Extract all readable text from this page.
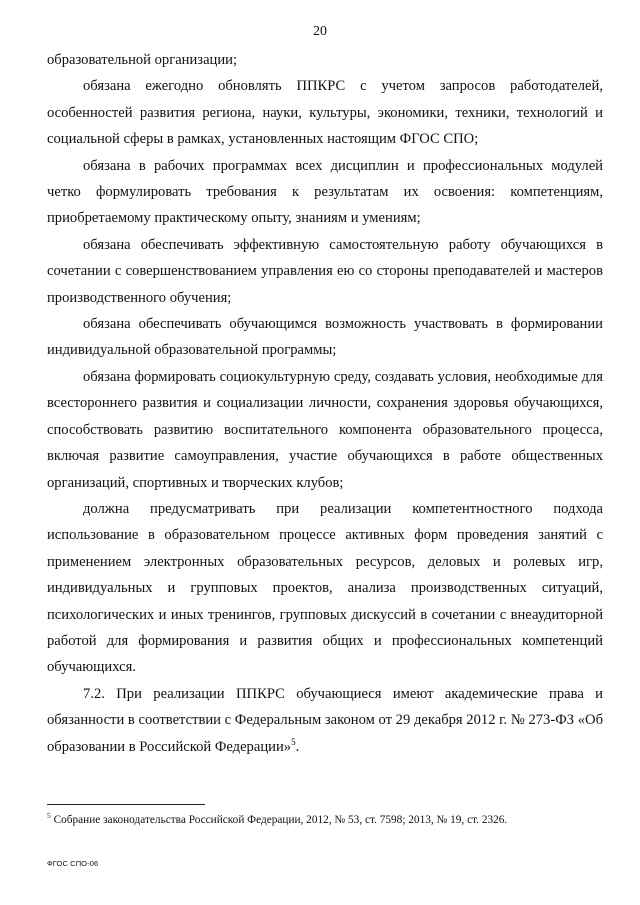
20

образовательной организации;

обязана ежегодно обновлять ППКРС с учетом запросов работодателей, особенностей развития региона, науки, культуры, экономики, техники, технологий и социальной сферы в рамках, установленных настоящим ФГОС СПО;

обязана в рабочих программах всех дисциплин и профессиональных модулей четко формулировать требования к результатам их освоения: компетенциям, приобретаемому практическому опыту, знаниям и умениям;

обязана обеспечивать эффективную самостоятельную работу обучающихся в сочетании с совершенствованием управления ею со стороны преподавателей и мастеров производственного обучения;

обязана обеспечивать обучающимся возможность участвовать в формировании индивидуальной образовательной программы;

обязана формировать социокультурную среду, создавать условия, необходимые для всестороннего развития и социализации личности, сохранения здоровья обучающихся, способствовать развитию воспитательного компонента образовательного процесса, включая развитие самоуправления, участие обучающихся в работе общественных организаций, спортивных и творческих клубов;

должна предусматривать при реализации компетентностного подхода использование в образовательном процессе активных форм проведения занятий с применением электронных образовательных ресурсов, деловых и ролевых игр, индивидуальных и групповых проектов, анализа производственных ситуаций, психологических и иных тренингов, групповых дискуссий в сочетании с внеаудиторной работой для формирования и развития общих и профессиональных компетенций обучающихся.

7.2. При реализации ППКРС обучающиеся имеют академические права и обязанности в соответствии с Федеральным законом от 29 декабря 2012 г. № 273-ФЗ «Об образовании в Российской Федерации»$^5$.

$^5$ Собрание законодательства Российской Федерации, 2012, № 53, ст. 7598; 2013, № 19, ст. 2326.
ФГОС СПО-06
